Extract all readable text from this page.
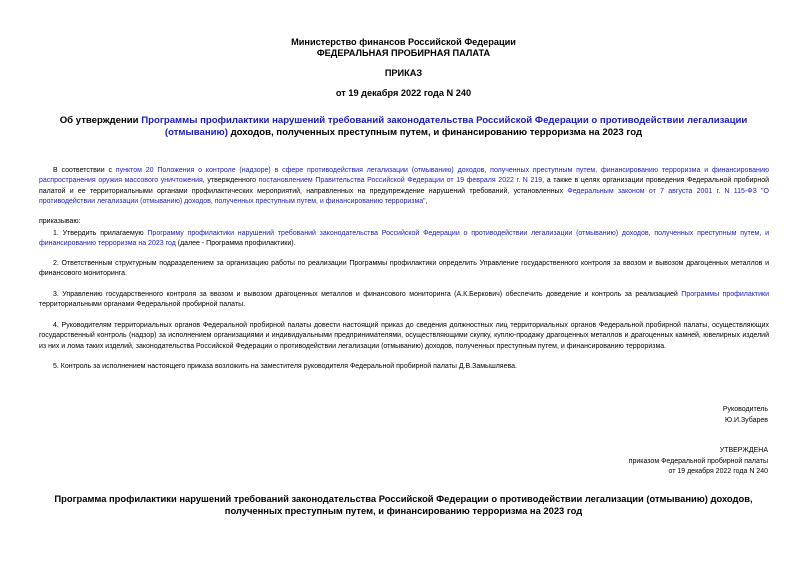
Министерство финансов Российской Федерации
ФЕДЕРАЛЬНАЯ ПРОБИРНАЯ ПАЛАТА
ПРИКАЗ
от 19 декабря 2022 года N 240
Об утверждении Программы профилактики нарушений требований законодательства Российской Федерации о противодействии легализации (отмыванию) доходов, полученных преступным путем, и финансированию терроризма на 2023 год
В соответствии с пунктом 20 Положения о контроле (надзоре) в сфере противодействия легализации (отмыванию) доходов, полученных преступным путем, финансированию терроризма и финансированию распространения оружия массового уничтожения, утвержденного постановлением Правительства Российской Федерации от 19 февраля 2022 г. N 219, а также в целях организации проведения Федеральной пробирной палатой и ее территориальными органами профилактических мероприятий, направленных на предупреждение нарушений требований, установленных Федеральным законом от 7 августа 2001 г. N 115-ФЗ "О противодействии легализации (отмыванию) доходов, полученных преступным путем, и финансированию терроризма",
приказываю:
1. Утвердить прилагаемую Программу профилактики нарушений требований законодательства Российской Федерации о противодействии легализации (отмыванию) доходов, полученных преступным путем, и финансированию терроризма на 2023 год (далее - Программа профилактики).
2. Ответственным структурным подразделением за организацию работы по реализации Программы профилактики определить Управление государственного контроля за ввозом и вывозом драгоценных металлов и финансового мониторинга.
3. Управлению государственного контроля за ввозом и вывозом драгоценных металлов и финансового мониторинга (А.К.Беркович) обеспечить доведение и контроль за реализацией Программы профилактики территориальными органами Федеральной пробирной палаты.
4. Руководителям территориальных органов Федеральной пробирной палаты довести настоящий приказ до сведения должностных лиц территориальных органов Федеральной пробирной палаты, осуществляющих государственный контроль (надзор) за исполнением организациями и индивидуальными предпринимателями, осуществляющими скупку, куплю-продажу драгоценных металлов и драгоценных камней, ювелирных изделий из них и лома таких изделий, законодательства Российской Федерации о противодействии легализации (отмыванию) доходов, полученных преступным путем, и финансированию терроризма.
5. Контроль за исполнением настоящего приказа возложить на заместителя руководителя Федеральной пробирной палаты Д.В.Замышляева.
Руководитель
Ю.И.Зубарев
УТВЕРЖДЕНА
приказом Федеральной пробирной палаты
от 19 декабря 2022 года N 240
Программа профилактики нарушений требований законодательства Российской Федерации о противодействии легализации (отмыванию) доходов, полученных преступным путем, и финансированию терроризма на 2023 год
